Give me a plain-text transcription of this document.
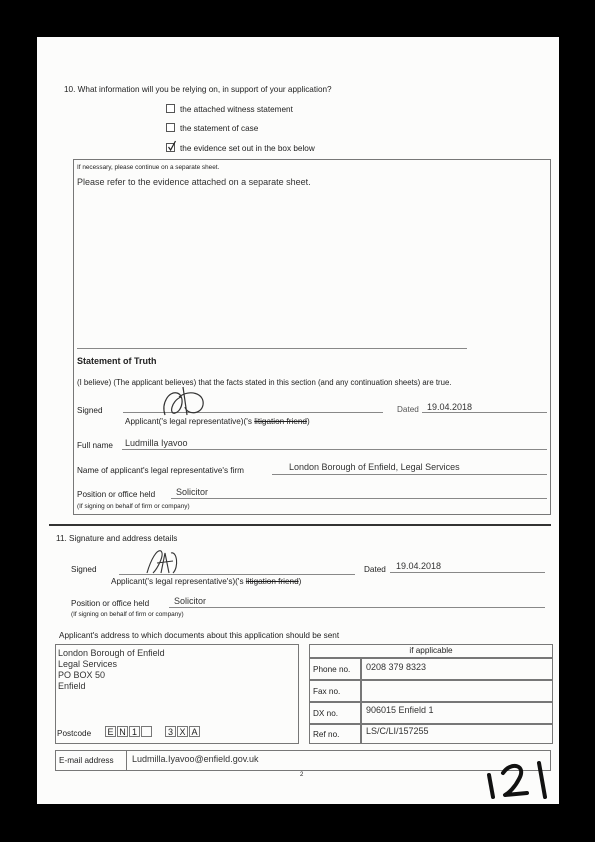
10. What information will you be relying on, in support of your application?
the attached witness statement
the statement of case
the evidence set out in the box below
If necessary, please continue on a separate sheet.
Please refer to the evidence attached on a separate sheet.
Statement of Truth
(I believe) (The applicant believes) that the facts stated in this section (and any continuation sheets) are true.
Signed
Applicant('s legal representative)('s litigation friend)
Dated 19.04.2018
Full name Ludmilla Iyavoo
Name of applicant's legal representative's firm	London Borough of Enfield, Legal Services
Position or office held Solicitor
(If signing on behalf of firm or company)
11. Signature and address details
Signed
Applicant('s legal representative's)('s litigation friend)
Dated 19.04.2018
Position or office held	Solicitor
(If signing on behalf of firm or company)
Applicant's address to which documents about this application should be sent
London Borough of Enfield
Legal Services
PO BOX 50
Enfield
Postcode E N 1	3 X A
if applicable
Phone no. 0208 379 8323
Fax no.
DX no.	906015 Enfield 1
Ref no.	LS/C/LI/157255
E-mail address Ludmilla.Iyavoo@enfield.gov.uk
2
